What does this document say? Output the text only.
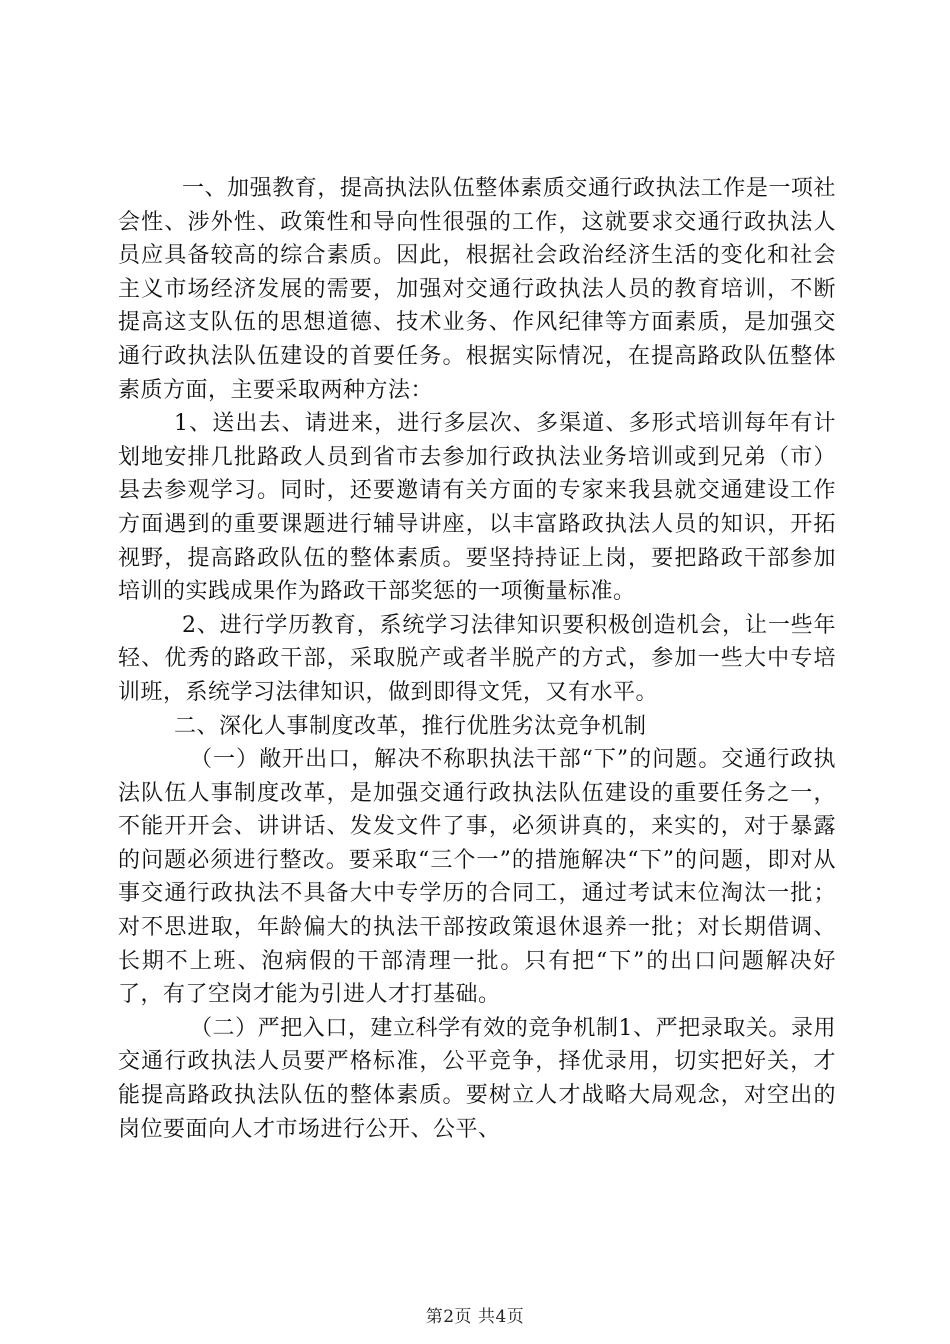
一、加强教育，提高执法队伍整体素质交通行政执法工作是一项社会性、涉外性、政策性和导向性很强的工作，这就要求交通行政执法人员应具备较高的综合素质。因此，根据社会政治经济生活的变化和社会主义市场经济发展的需要，加强对交通行政执法人员的教育培训，不断提高这支队伍的思想道德、技术业务、作风纪律等方面素质，是加强交通行政执法队伍建设的首要任务。根据实际情况，在提高路政队伍整体素质方面，主要采取两种方法：

1、送出去、请进来，进行多层次、多渠道、多形式培训每年有计划地安排几批路政人员到省市去参加行政执法业务培训或到兄弟（市）县去参观学习。同时，还要邀请有关方面的专家来我县就交通建设工作方面遇到的重要课题进行辅导讲座，以丰富路政执法人员的知识，开拓视野，提高路政队伍的整体素质。要坚持持证上岗，要把路政干部参加培训的实践成果作为路政干部奖惩的一项衡量标准。

2、进行学历教育，系统学习法律知识要积极创造机会，让一些年轻、优秀的路政干部，采取脱产或者半脱产的方式，参加一些大中专培训班，系统学习法律知识，做到即得文凭，又有水平。

二、深化人事制度改革，推行优胜劣汰竞争机制

（一）敞开出口，解决不称职执法干部“下”的问题。交通行政执法队伍人事制度改革，是加强交通行政执法队伍建设的重要任务之一，不能开开会、讲讲话、发发文件了事，必须讲真的，来实的，对于暴露的问题必须进行整改。要采取“三个一”的措施解决“下”的问题，即对从事交通行政执法不具备大中专学历的合同工，通过考试末位淘汰一批；对不思进取，年龄偏大的执法干部按政策退休退养一批；对长期借调、长期不上班、泡病假的干部清理一批。只有把“下”的出口问题解决好了，有了空岗才能为引进人才打基础。

（二）严把入口，建立科学有效的竞争机制1、严把录取关。录用交通行政执法人员要严格标准，公平竞争，择优录用，切实把好关，才能提高路政执法队伍的整体素质。要树立人才战略大局观念，对空出的岗位要面向人才市场进行公开、公平、

第2页 共4页
